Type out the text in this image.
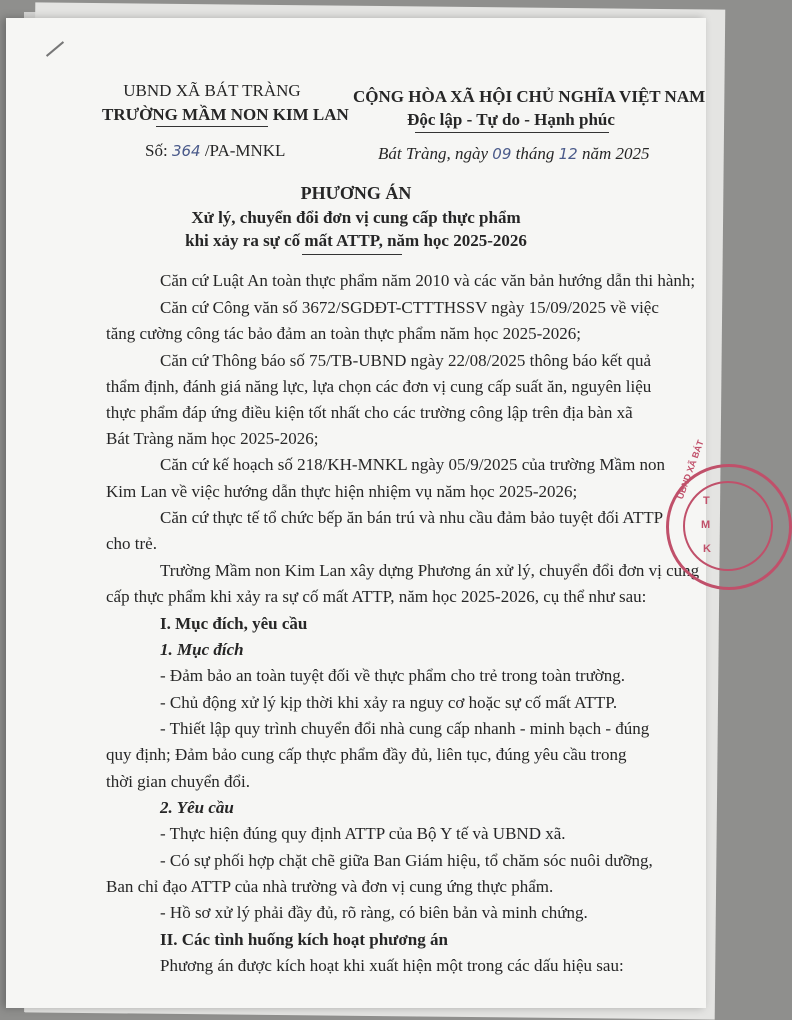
UBND XÃ BÁT TRÀNG
TRƯỜNG MẦM NON KIM LAN
CỘNG HÒA XÃ HỘI CHỦ NGHĨA VIỆT NAM
Độc lập - Tự do - Hạnh phúc
Số: 364 /PA-MNKL	Bát Tràng, ngày 09 tháng 12 năm 2025
PHƯƠNG ÁN
Xử lý, chuyển đổi đơn vị cung cấp thực phẩm
khi xảy ra sự cố mất ATTP, năm học 2025-2026
Căn cứ Luật An toàn thực phẩm năm 2010 và các văn bản hướng dẫn thi hành;
Căn cứ Công văn số 3672/SGDĐT-CTTTHSSV ngày 15/09/2025 về việc
tăng cường công tác bảo đảm an toàn thực phẩm năm học 2025-2026;
Căn cứ Thông báo số 75/TB-UBND ngày 22/08/2025 thông báo kết quả
thẩm định, đánh giá năng lực, lựa chọn các đơn vị cung cấp suất ăn, nguyên liệu
thực phẩm đáp ứng điều kiện tốt nhất cho các trường công lập trên địa bàn xã
Bát Tràng năm học 2025-2026;
Căn cứ kế hoạch số 218/KH-MNKL ngày 05/9/2025 của trường Mầm non
Kim Lan về việc hướng dẫn thực hiện nhiệm vụ năm học 2025-2026;
Căn cứ thực tế tổ chức bếp ăn bán trú và nhu cầu đảm bảo tuyệt đối ATTP
cho trẻ.
Trường Mầm non Kim Lan xây dựng Phương án xử lý, chuyển đổi đơn vị cung
cấp thực phẩm khi xảy ra sự cố mất ATTP, năm học 2025-2026, cụ thể như sau:
I. Mục đích, yêu cầu
1. Mục đích
- Đảm bảo an toàn tuyệt đối về thực phẩm cho trẻ trong toàn trường.
- Chủ động xử lý kịp thời khi xảy ra nguy cơ hoặc sự cố mất ATTP.
- Thiết lập quy trình chuyển đổi nhà cung cấp nhanh - minh bạch - đúng
quy định; Đảm bảo cung cấp thực phẩm đầy đủ, liên tục, đúng yêu cầu trong
thời gian chuyển đổi.
2. Yêu cầu
- Thực hiện đúng quy định ATTP của Bộ Y tế và UBND xã.
- Có sự phối hợp chặt chẽ giữa Ban Giám hiệu, tổ chăm sóc nuôi dưỡng,
Ban chỉ đạo ATTP của nhà trường và đơn vị cung ứng thực phẩm.
- Hồ sơ xử lý phải đầy đủ, rõ ràng, có biên bản và minh chứng.
II. Các tình huống kích hoạt phương án
Phương án được kích hoạt khi xuất hiện một trong các dấu hiệu sau:
UBND XÃ BÁT
T
M
K
